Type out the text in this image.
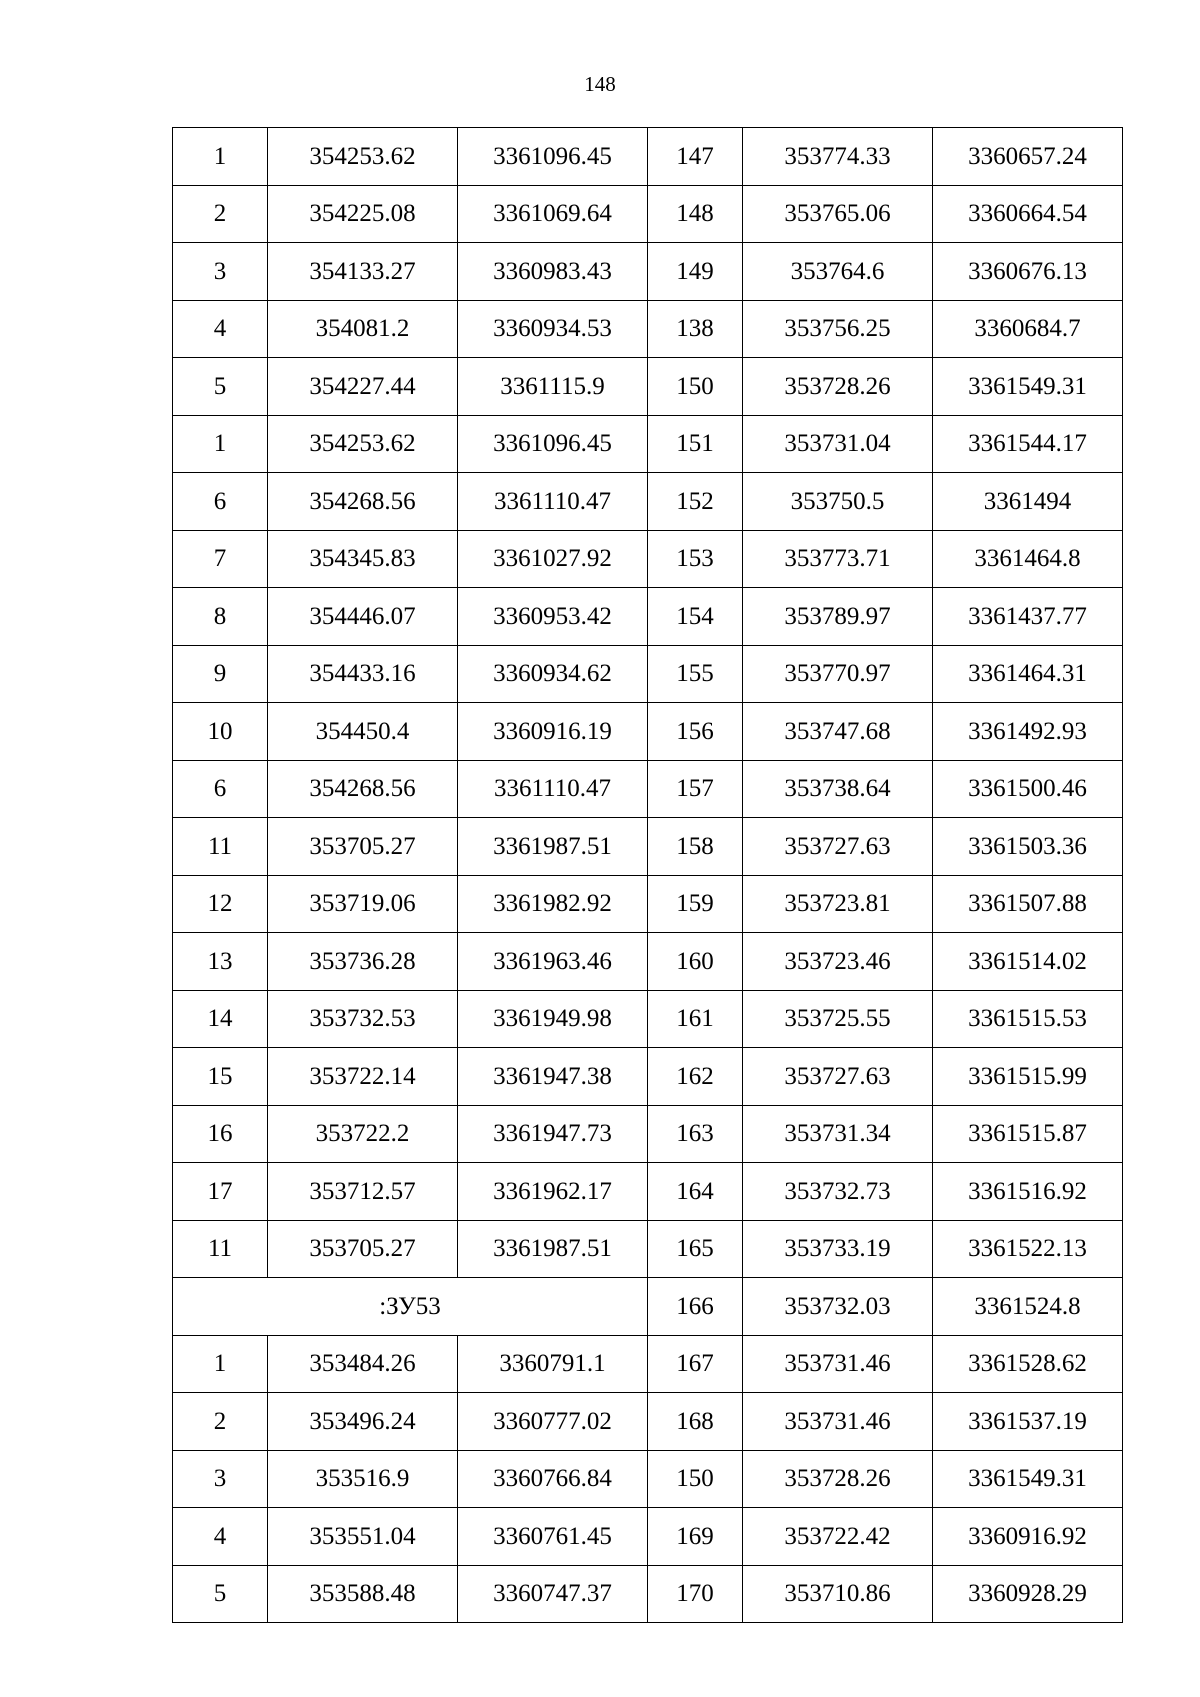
148
1	354253.62	3361096.45	147	353774.33	3360657.24
2	354225.08	3361069.64	148	353765.06	3360664.54
3	354133.27	3360983.43	149	353764.6	3360676.13
4	354081.2	3360934.53	138	353756.25	3360684.7
5	354227.44	3361115.9	150	353728.26	3361549.31
1	354253.62	3361096.45	151	353731.04	3361544.17
6	354268.56	3361110.47	152	353750.5	3361494
7	354345.83	3361027.92	153	353773.71	3361464.8
8	354446.07	3360953.42	154	353789.97	3361437.77
9	354433.16	3360934.62	155	353770.97	3361464.31
10	354450.4	3360916.19	156	353747.68	3361492.93
6	354268.56	3361110.47	157	353738.64	3361500.46
11	353705.27	3361987.51	158	353727.63	3361503.36
12	353719.06	3361982.92	159	353723.81	3361507.88
13	353736.28	3361963.46	160	353723.46	3361514.02
14	353732.53	3361949.98	161	353725.55	3361515.53
15	353722.14	3361947.38	162	353727.63	3361515.99
16	353722.2	3361947.73	163	353731.34	3361515.87
17	353712.57	3361962.17	164	353732.73	3361516.92
11	353705.27	3361987.51	165	353733.19	3361522.13
:ЗУ53			166	353732.03	3361524.8
1	353484.26	3360791.1	167	353731.46	3361528.62
2	353496.24	3360777.02	168	353731.46	3361537.19
3	353516.9	3360766.84	150	353728.26	3361549.31
4	353551.04	3360761.45	169	353722.42	3360916.92
5	353588.48	3360747.37	170	353710.86	3360928.29
